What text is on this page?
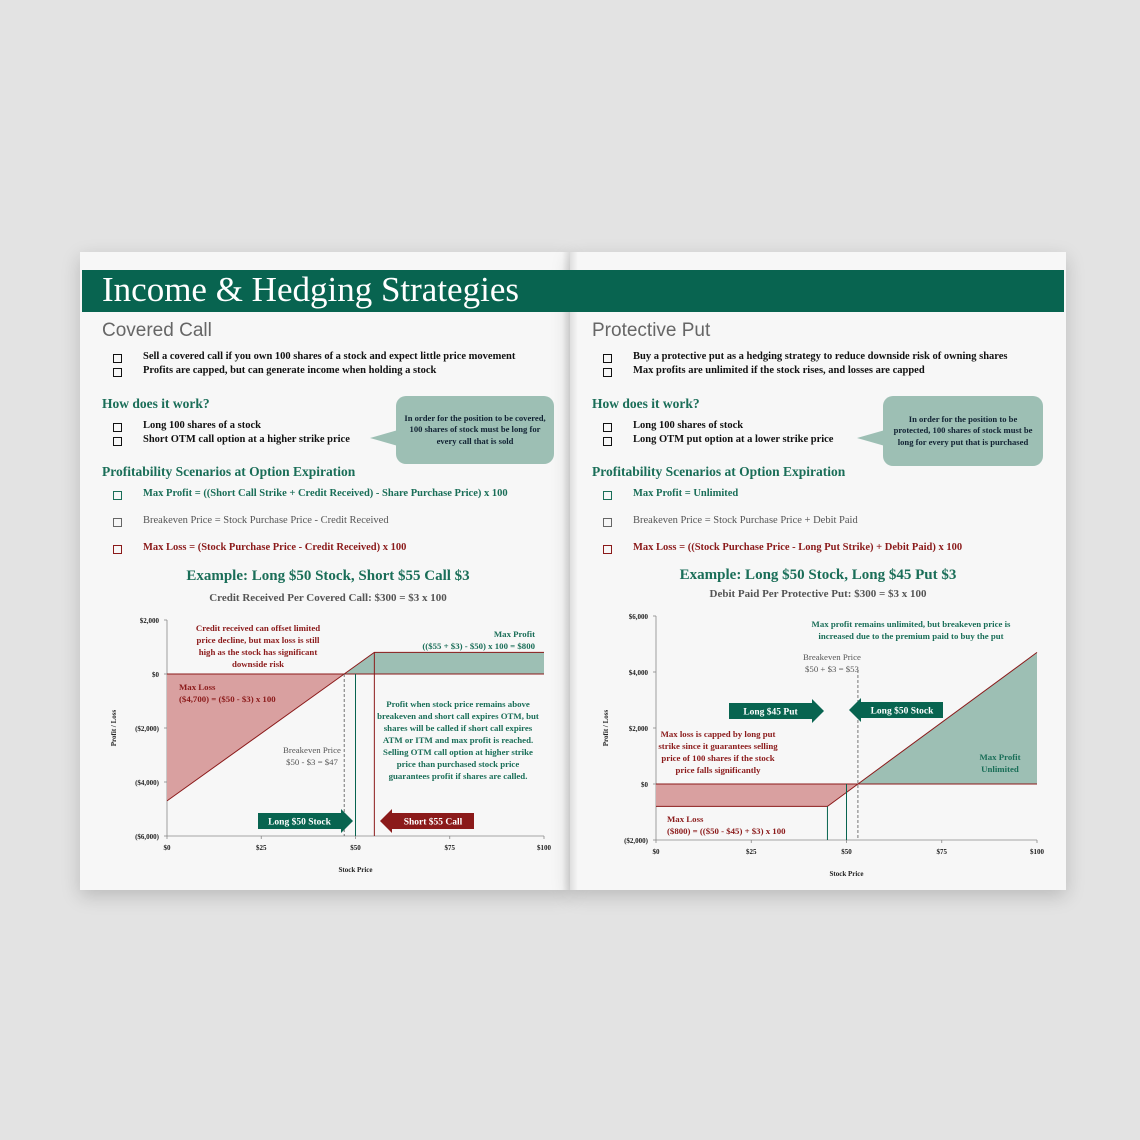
Income & Hedging Strategies
Covered Call
Sell a covered call if you own 100 shares of a stock and expect little price movement
Profits are capped, but can generate income when holding a stock
How does it work?
Long 100 shares of a stock
Short OTM call option at a higher strike price
In order for the position to be covered, 100 shares of stock must be long for every call that is sold
Profitability Scenarios at Option Expiration
Max Profit = ((Short Call Strike + Credit Received) - Share Purchase Price) x 100
Breakeven Price = Stock Purchase Price - Credit Received
Max Loss = (Stock Purchase Price - Credit Received) x 100
Example: Long $50 Stock, Short $55 Call $3
Credit Received Per Covered Call: $300 = $3 x 100
$2,000
$0
($2,000)
($4,000)
($6,000)
$0	$25	$50	$75	$100
Stock Price
Profit / Loss
Credit received can offset limited
price decline, but max loss is still
high as the stock has significant
downside risk
Max Profit
(($55 + $3) - $50) x 100 = $800
Max Loss
($4,700) = ($50 - $3) x 100	Profit when stock price remains above
breakeven and short call expires OTM, but
shares will be called if short call expires
ATM or ITM and max profit is reached.
Selling OTM call option at higher strike
price than purchased stock price
guarantees profit if shares are called.
Breakeven Price
$50 - $3 = $47
Long $50 Stock	Short $55 Call
Protective Put
Buy a protective put as a hedging strategy to reduce downside risk of owning shares
Max profits are unlimited if the stock rises, and losses are capped
How does it work?
Long 100 shares of stock
Long OTM put option at a lower strike price
In order for the position to be protected, 100 shares of stock must be long for every put that is purchased
Profitability Scenarios at Option Expiration
Max Profit = Unlimited
Breakeven Price = Stock Purchase Price + Debit Paid
Max Loss = ((Stock Purchase Price - Long Put Strike) + Debit Paid) x 100
Example: Long $50 Stock, Long $45 Put $3
Debit Paid Per Protective Put: $300 = $3 x 100
$6,000
$4,000
$2,000
$0
($2,000)
$0	$25	$50	$75	$100
Stock Price
Profit / Loss
Max profit remains unlimited, but breakeven price is
increased due to the premium paid to buy the put
Breakeven Price
$50 + $3 = $53
Max loss is capped by long put
strike since it guarantees selling
price of 100 shares if the stock
price falls significantly
Max Profit
Unlimited
Max Loss
($800) = (($50 - $45) + $3) x 100
Long $45 Put	Long $50 Stock
